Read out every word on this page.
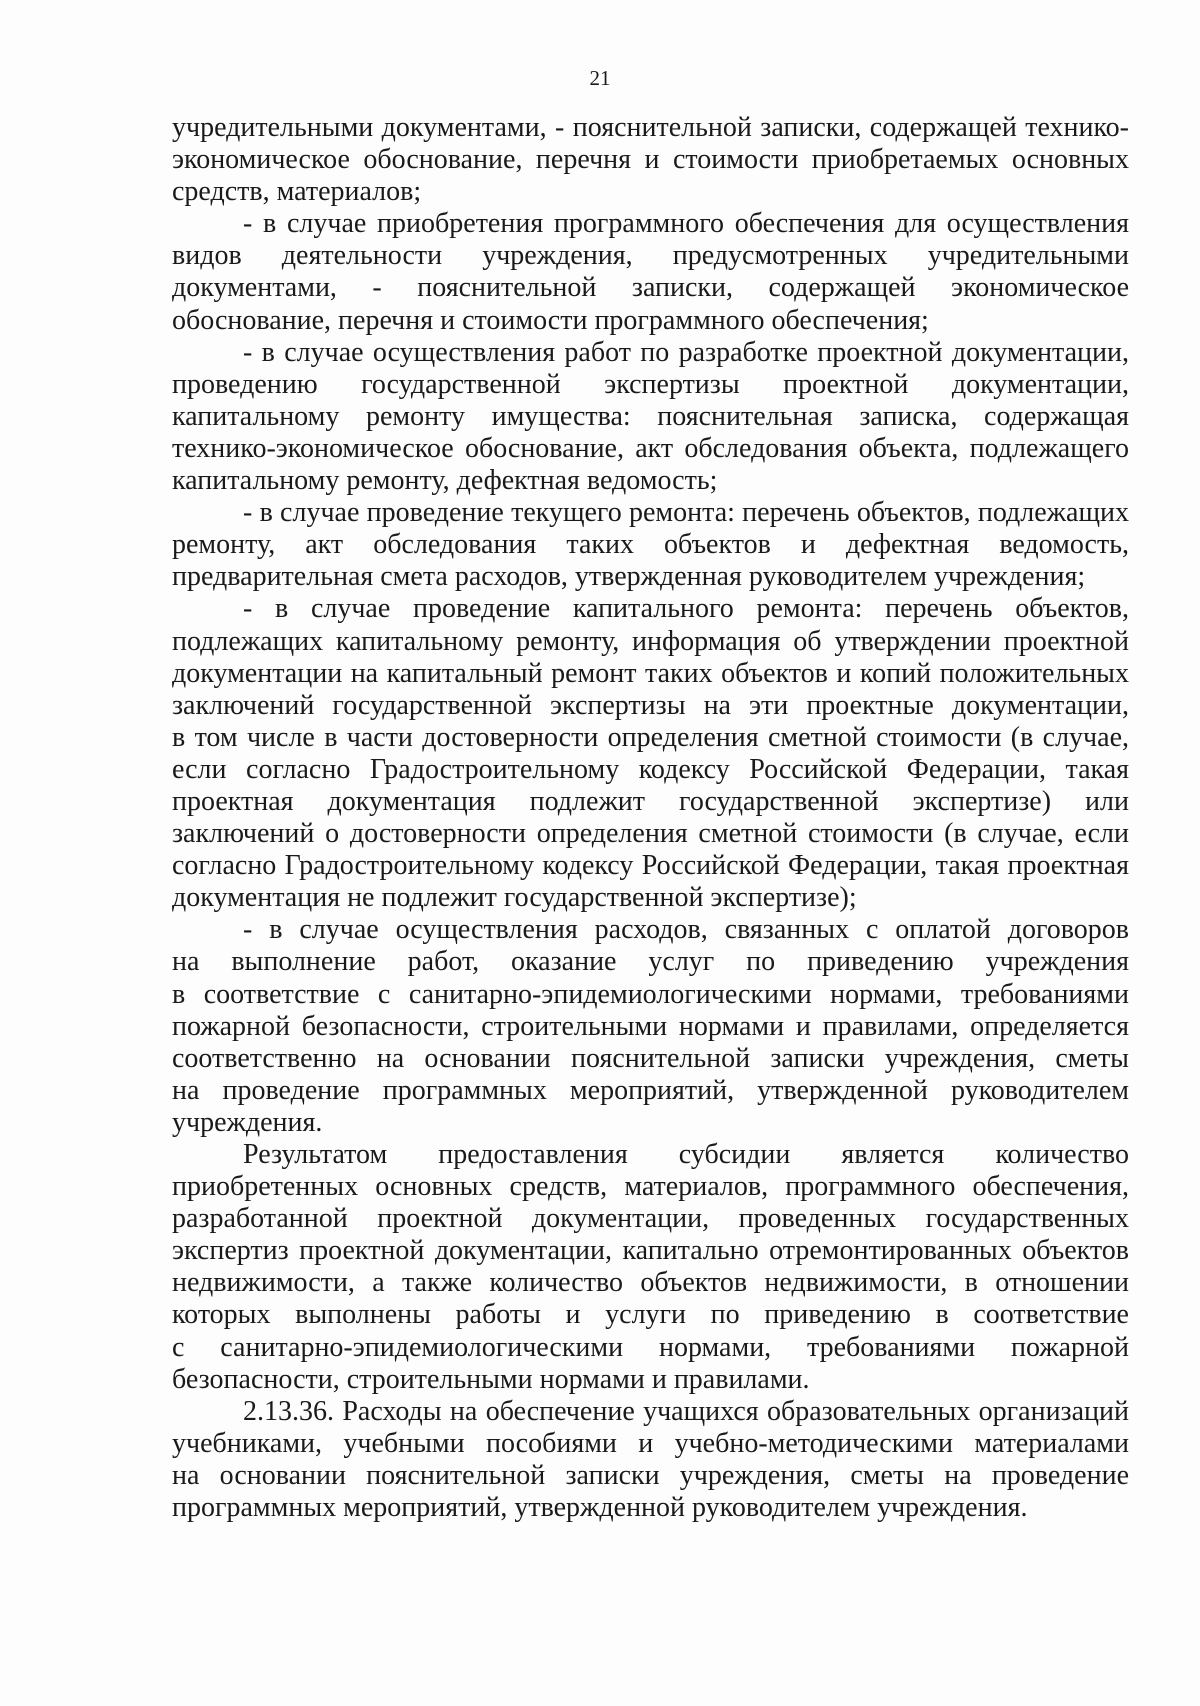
21
учредительными документами, - пояснительной записки, содержащей технико-
экономическое обоснование, перечня и стоимости приобретаемых основных
средств, материалов;
- в случае приобретения программного обеспечения для осуществления
видов деятельности учреждения, предусмотренных учредительными
документами, - пояснительной записки, содержащей экономическое
обоснование, перечня и стоимости программного обеспечения;
- в случае осуществления работ по разработке проектной документации,
проведению государственной экспертизы проектной документации,
капитальному ремонту имущества: пояснительная записка, содержащая
технико-экономическое обоснование, акт обследования объекта, подлежащего
капитальному ремонту, дефектная ведомость;
- в случае проведение текущего ремонта: перечень объектов, подлежащих
ремонту, акт обследования таких объектов и дефектная ведомость,
предварительная смета расходов, утвержденная руководителем учреждения;
- в случае проведение капитального ремонта: перечень объектов,
подлежащих капитальному ремонту, информация об утверждении проектной
документации на капитальный ремонт таких объектов и копий положительных
заключений государственной экспертизы на эти проектные документации,
в том числе в части достоверности определения сметной стоимости (в случае,
если согласно Градостроительному кодексу Российской Федерации, такая
проектная документация подлежит государственной экспертизе) или
заключений о достоверности определения сметной стоимости (в случае, если
согласно Градостроительному кодексу Российской Федерации, такая проектная
документация не подлежит государственной экспертизе);
- в случае осуществления расходов, связанных с оплатой договоров
на выполнение работ, оказание услуг по приведению учреждения
в соответствие с санитарно-эпидемиологическими нормами, требованиями
пожарной безопасности, строительными нормами и правилами, определяется
соответственно на основании пояснительной записки учреждения, сметы
на проведение программных мероприятий, утвержденной руководителем
учреждения.
Результатом предоставления субсидии является количество
приобретенных основных средств, материалов, программного обеспечения,
разработанной проектной документации, проведенных государственных
экспертиз проектной документации, капитально отремонтированных объектов
недвижимости, а также количество объектов недвижимости, в отношении
которых выполнены работы и услуги по приведению в соответствие
с санитарно-эпидемиологическими нормами, требованиями пожарной
безопасности, строительными нормами и правилами.
2.13.36. Расходы на обеспечение учащихся образовательных организаций
учебниками, учебными пособиями и учебно-методическими материалами
на основании пояснительной записки учреждения, сметы на проведение
программных мероприятий, утвержденной руководителем учреждения.
